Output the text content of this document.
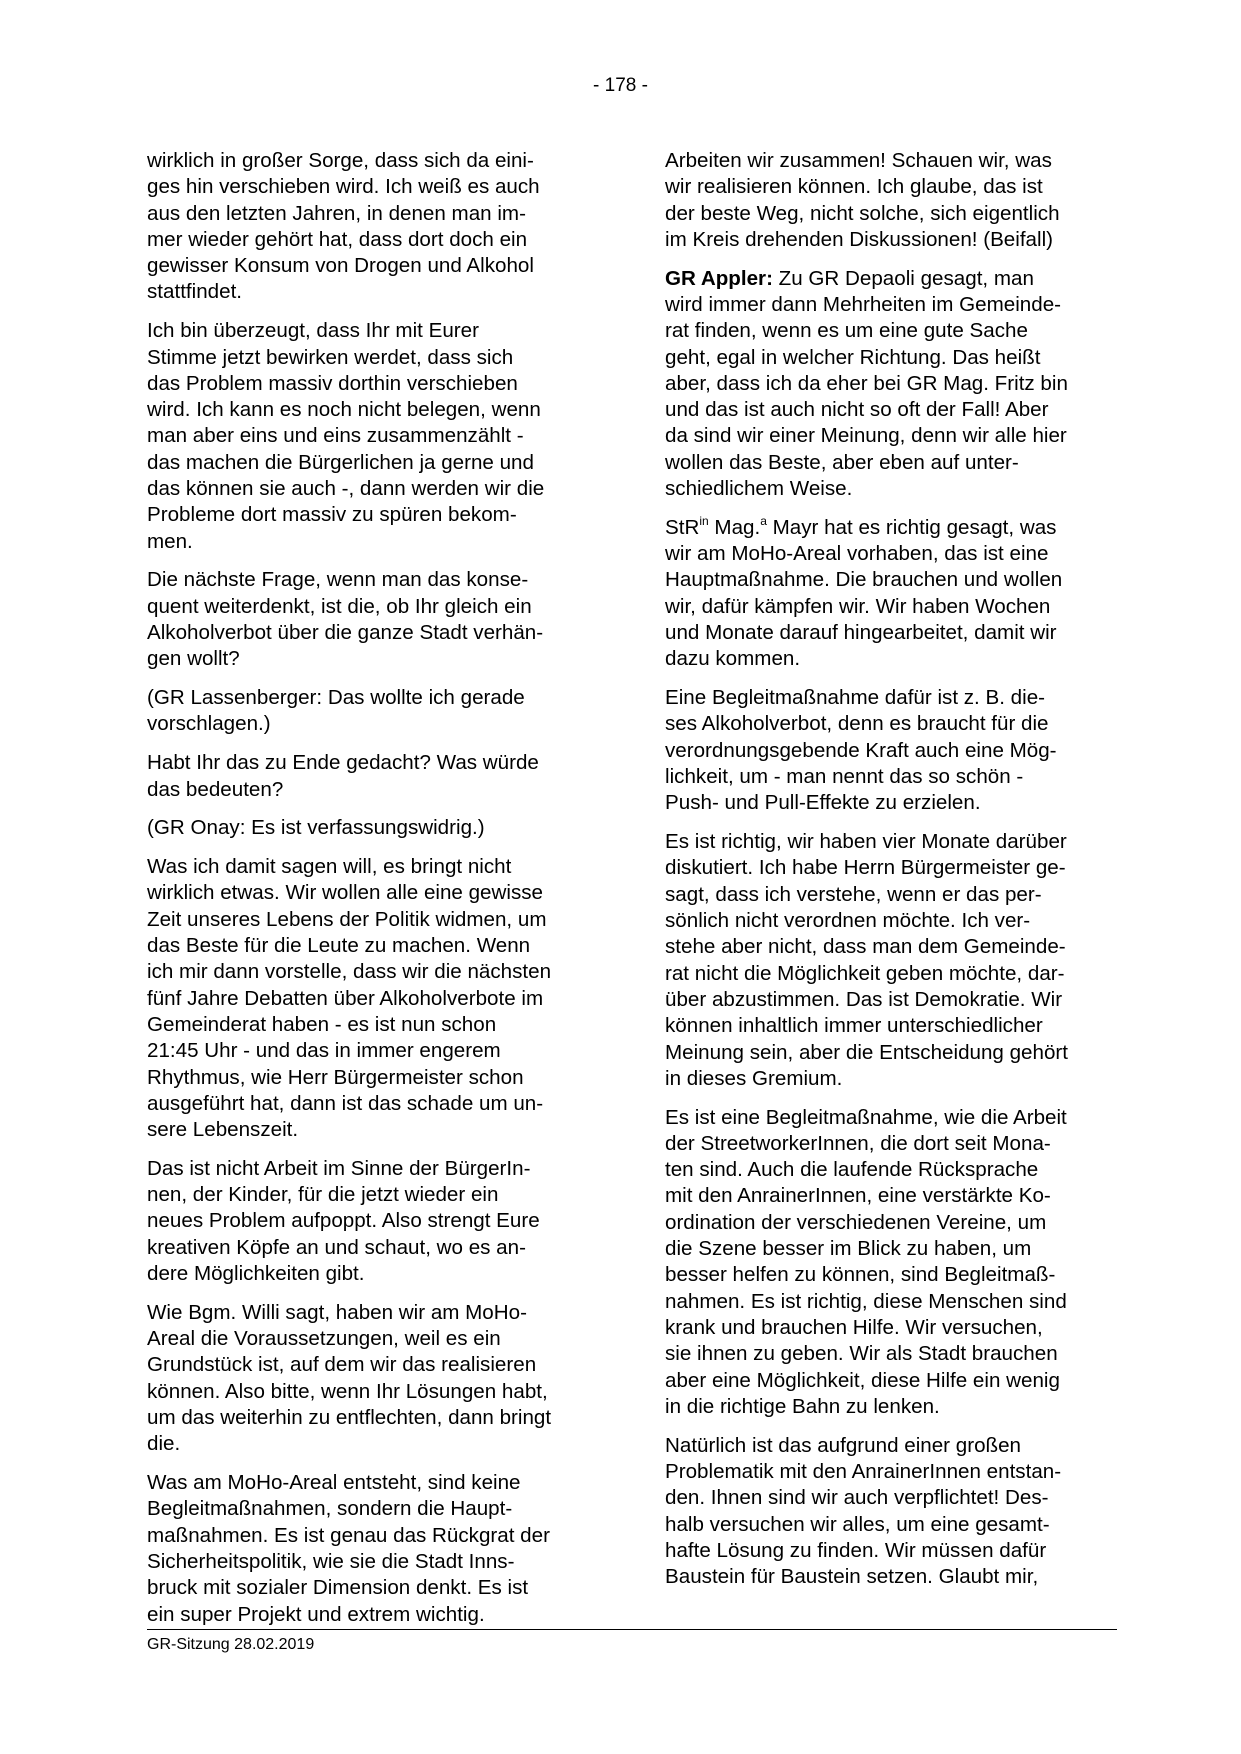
- 178 -

wirklich in großer Sorge, dass sich da eini-
ges hin verschieben wird. Ich weiß es auch
aus den letzten Jahren, in denen man im-
mer wieder gehört hat, dass dort doch ein
gewisser Konsum von Drogen und Alkohol
stattfindet.

Ich bin überzeugt, dass Ihr mit Eurer
Stimme jetzt bewirken werdet, dass sich
das Problem massiv dorthin verschieben
wird. Ich kann es noch nicht belegen, wenn
man aber eins und eins zusammenzählt -
das machen die Bürgerlichen ja gerne und
das können sie auch -, dann werden wir die
Probleme dort massiv zu spüren bekom-
men.

Die nächste Frage, wenn man das konse-
quent weiterdenkt, ist die, ob Ihr gleich ein
Alkoholverbot über die ganze Stadt verhän-
gen wollt?

(GR Lassenberger: Das wollte ich gerade
vorschlagen.)

Habt Ihr das zu Ende gedacht? Was würde
das bedeuten?

(GR Onay: Es ist verfassungswidrig.)

Was ich damit sagen will, es bringt nicht
wirklich etwas. Wir wollen alle eine gewisse
Zeit unseres Lebens der Politik widmen, um
das Beste für die Leute zu machen. Wenn
ich mir dann vorstelle, dass wir die nächsten
fünf Jahre Debatten über Alkoholverbote im
Gemeinderat haben - es ist nun schon
21:45 Uhr - und das in immer engerem
Rhythmus, wie Herr Bürgermeister schon
ausgeführt hat, dann ist das schade um un-
sere Lebenszeit.

Das ist nicht Arbeit im Sinne der BürgerIn-
nen, der Kinder, für die jetzt wieder ein
neues Problem aufpoppt. Also strengt Eure
kreativen Köpfe an und schaut, wo es an-
dere Möglichkeiten gibt.

Wie Bgm. Willi sagt, haben wir am MoHo-
Areal die Voraussetzungen, weil es ein
Grundstück ist, auf dem wir das realisieren
können. Also bitte, wenn Ihr Lösungen habt,
um das weiterhin zu entflechten, dann bringt
die.

Was am MoHo-Areal entsteht, sind keine
Begleitmaßnahmen, sondern die Haupt-
maßnahmen. Es ist genau das Rückgrat der
Sicherheitspolitik, wie sie die Stadt Inns-
bruck mit sozialer Dimension denkt. Es ist
ein super Projekt und extrem wichtig.

Arbeiten wir zusammen! Schauen wir, was
wir realisieren können. Ich glaube, das ist
der beste Weg, nicht solche, sich eigentlich
im Kreis drehenden Diskussionen! (Beifall)

GR Appler: Zu GR Depaoli gesagt, man
wird immer dann Mehrheiten im Gemeinde-
rat finden, wenn es um eine gute Sache
geht, egal in welcher Richtung. Das heißt
aber, dass ich da eher bei GR Mag. Fritz bin
und das ist auch nicht so oft der Fall! Aber
da sind wir einer Meinung, denn wir alle hier
wollen das Beste, aber eben auf unter-
schiedlichem Weise.

StR$^{in}$ Mag.$^a$ Mayr hat es richtig gesagt, was
wir am MoHo-Areal vorhaben, das ist eine
Hauptmaßnahme. Die brauchen und wollen
wir, dafür kämpfen wir. Wir haben Wochen
und Monate darauf hingearbeitet, damit wir
dazu kommen.

Eine Begleitmaßnahme dafür ist z. B. die-
ses Alkoholverbot, denn es braucht für die
verordnungsgebende Kraft auch eine Mög-
lichkeit, um - man nennt das so schön -
Push- und Pull-Effekte zu erzielen.

Es ist richtig, wir haben vier Monate darüber
diskutiert. Ich habe Herrn Bürgermeister ge-
sagt, dass ich verstehe, wenn er das per-
sönlich nicht verordnen möchte. Ich ver-
stehe aber nicht, dass man dem Gemeinde-
rat nicht die Möglichkeit geben möchte, dar-
über abzustimmen. Das ist Demokratie. Wir
können inhaltlich immer unterschiedlicher
Meinung sein, aber die Entscheidung gehört
in dieses Gremium.

Es ist eine Begleitmaßnahme, wie die Arbeit
der StreetworkerInnen, die dort seit Mona-
ten sind. Auch die laufende Rücksprache
mit den AnrainerInnen, eine verstärkte Ko-
ordination der verschiedenen Vereine, um
die Szene besser im Blick zu haben, um
besser helfen zu können, sind Begleitmaß-
nahmen. Es ist richtig, diese Menschen sind
krank und brauchen Hilfe. Wir versuchen,
sie ihnen zu geben. Wir als Stadt brauchen
aber eine Möglichkeit, diese Hilfe ein wenig
in die richtige Bahn zu lenken.

Natürlich ist das aufgrund einer großen
Problematik mit den AnrainerInnen entstan-
den. Ihnen sind wir auch verpflichtet! Des-
halb versuchen wir alles, um eine gesamt-
hafte Lösung zu finden. Wir müssen dafür
Baustein für Baustein setzen. Glaubt mir,

GR-Sitzung 28.02.2019
